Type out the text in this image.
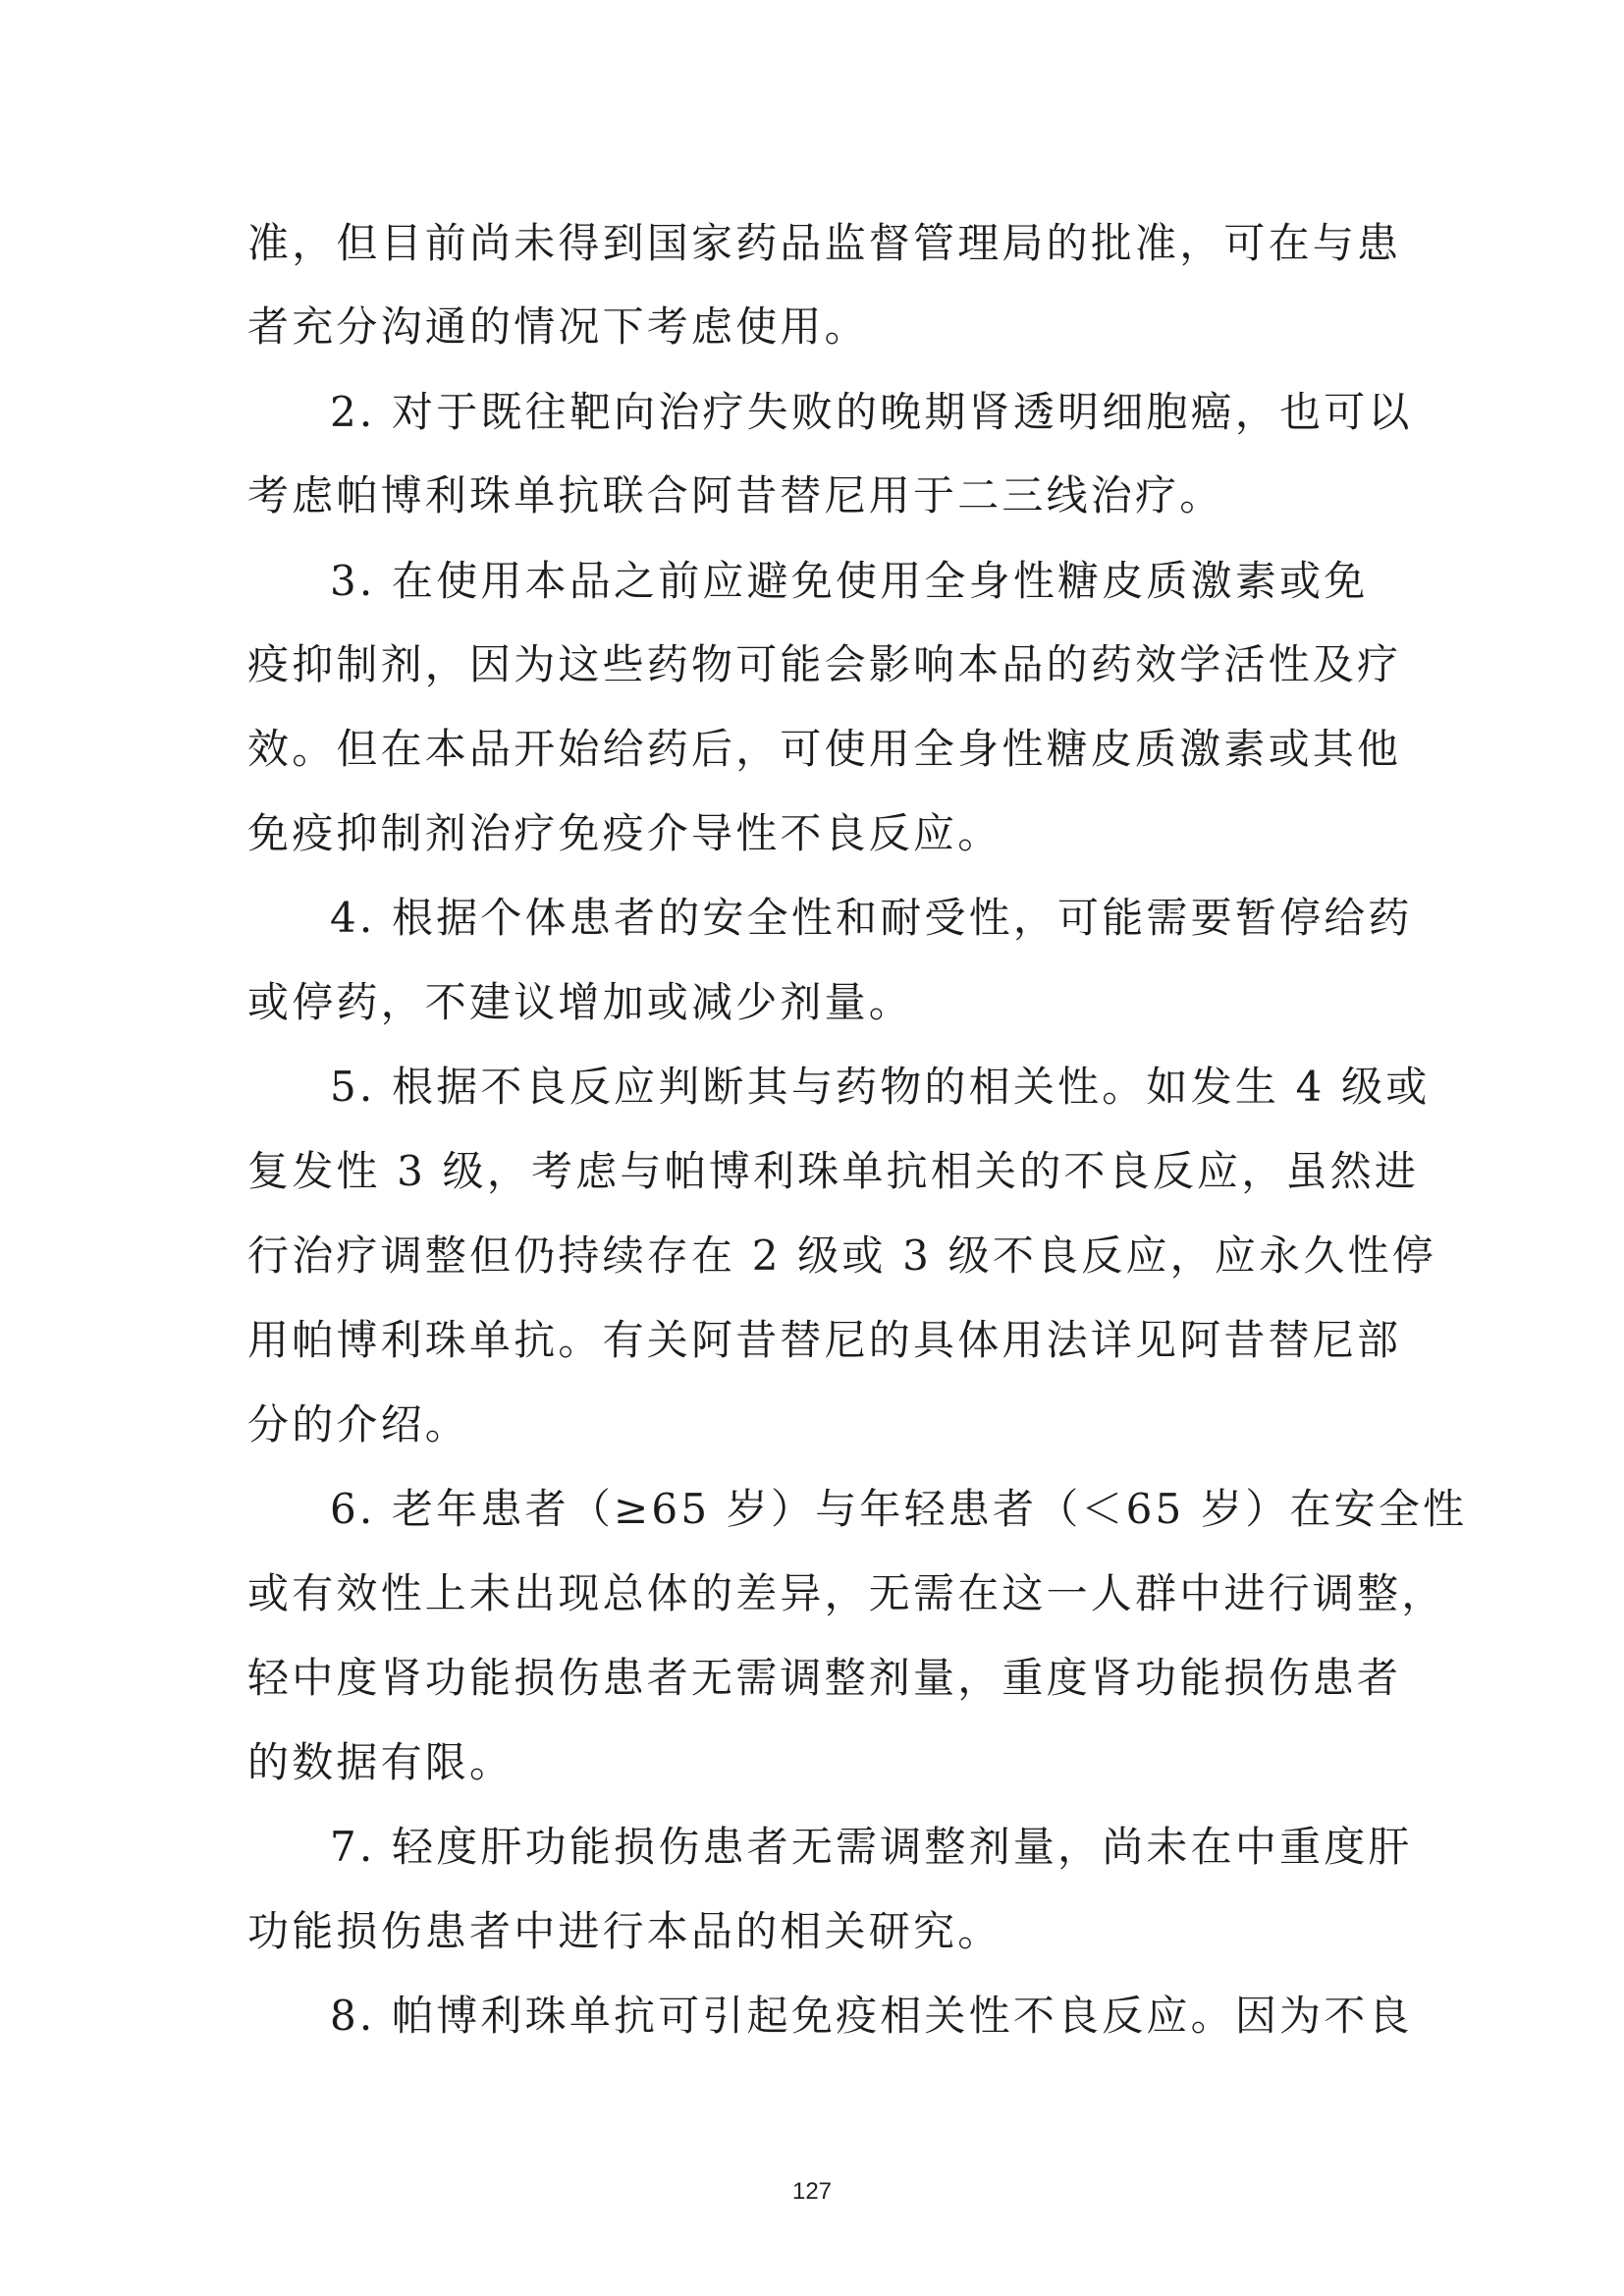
准，但目前尚未得到国家药品监督管理局的批准，可在与患
者充分沟通的情况下考虑使用。
2. 对于既往靶向治疗失败的晚期肾透明细胞癌，也可以
考虑帕博利珠单抗联合阿昔替尼用于二三线治疗。
3. 在使用本品之前应避免使用全身性糖皮质激素或免
疫抑制剂，因为这些药物可能会影响本品的药效学活性及疗
效。但在本品开始给药后，可使用全身性糖皮质激素或其他
免疫抑制剂治疗免疫介导性不良反应。
4. 根据个体患者的安全性和耐受性，可能需要暂停给药
或停药，不建议增加或减少剂量。
5. 根据不良反应判断其与药物的相关性。如发生 4 级或
复发性 3 级，考虑与帕博利珠单抗相关的不良反应，虽然进
行治疗调整但仍持续存在 2 级或 3 级不良反应，应永久性停
用帕博利珠单抗。有关阿昔替尼的具体用法详见阿昔替尼部
分的介绍。
6. 老年患者（≥65 岁）与年轻患者（＜65 岁）在安全性
或有效性上未出现总体的差异，无需在这一人群中进行调整，
轻中度肾功能损伤患者无需调整剂量，重度肾功能损伤患者
的数据有限。
7. 轻度肝功能损伤患者无需调整剂量，尚未在中重度肝
功能损伤患者中进行本品的相关研究。
8. 帕博利珠单抗可引起免疫相关性不良反应。因为不良
127
